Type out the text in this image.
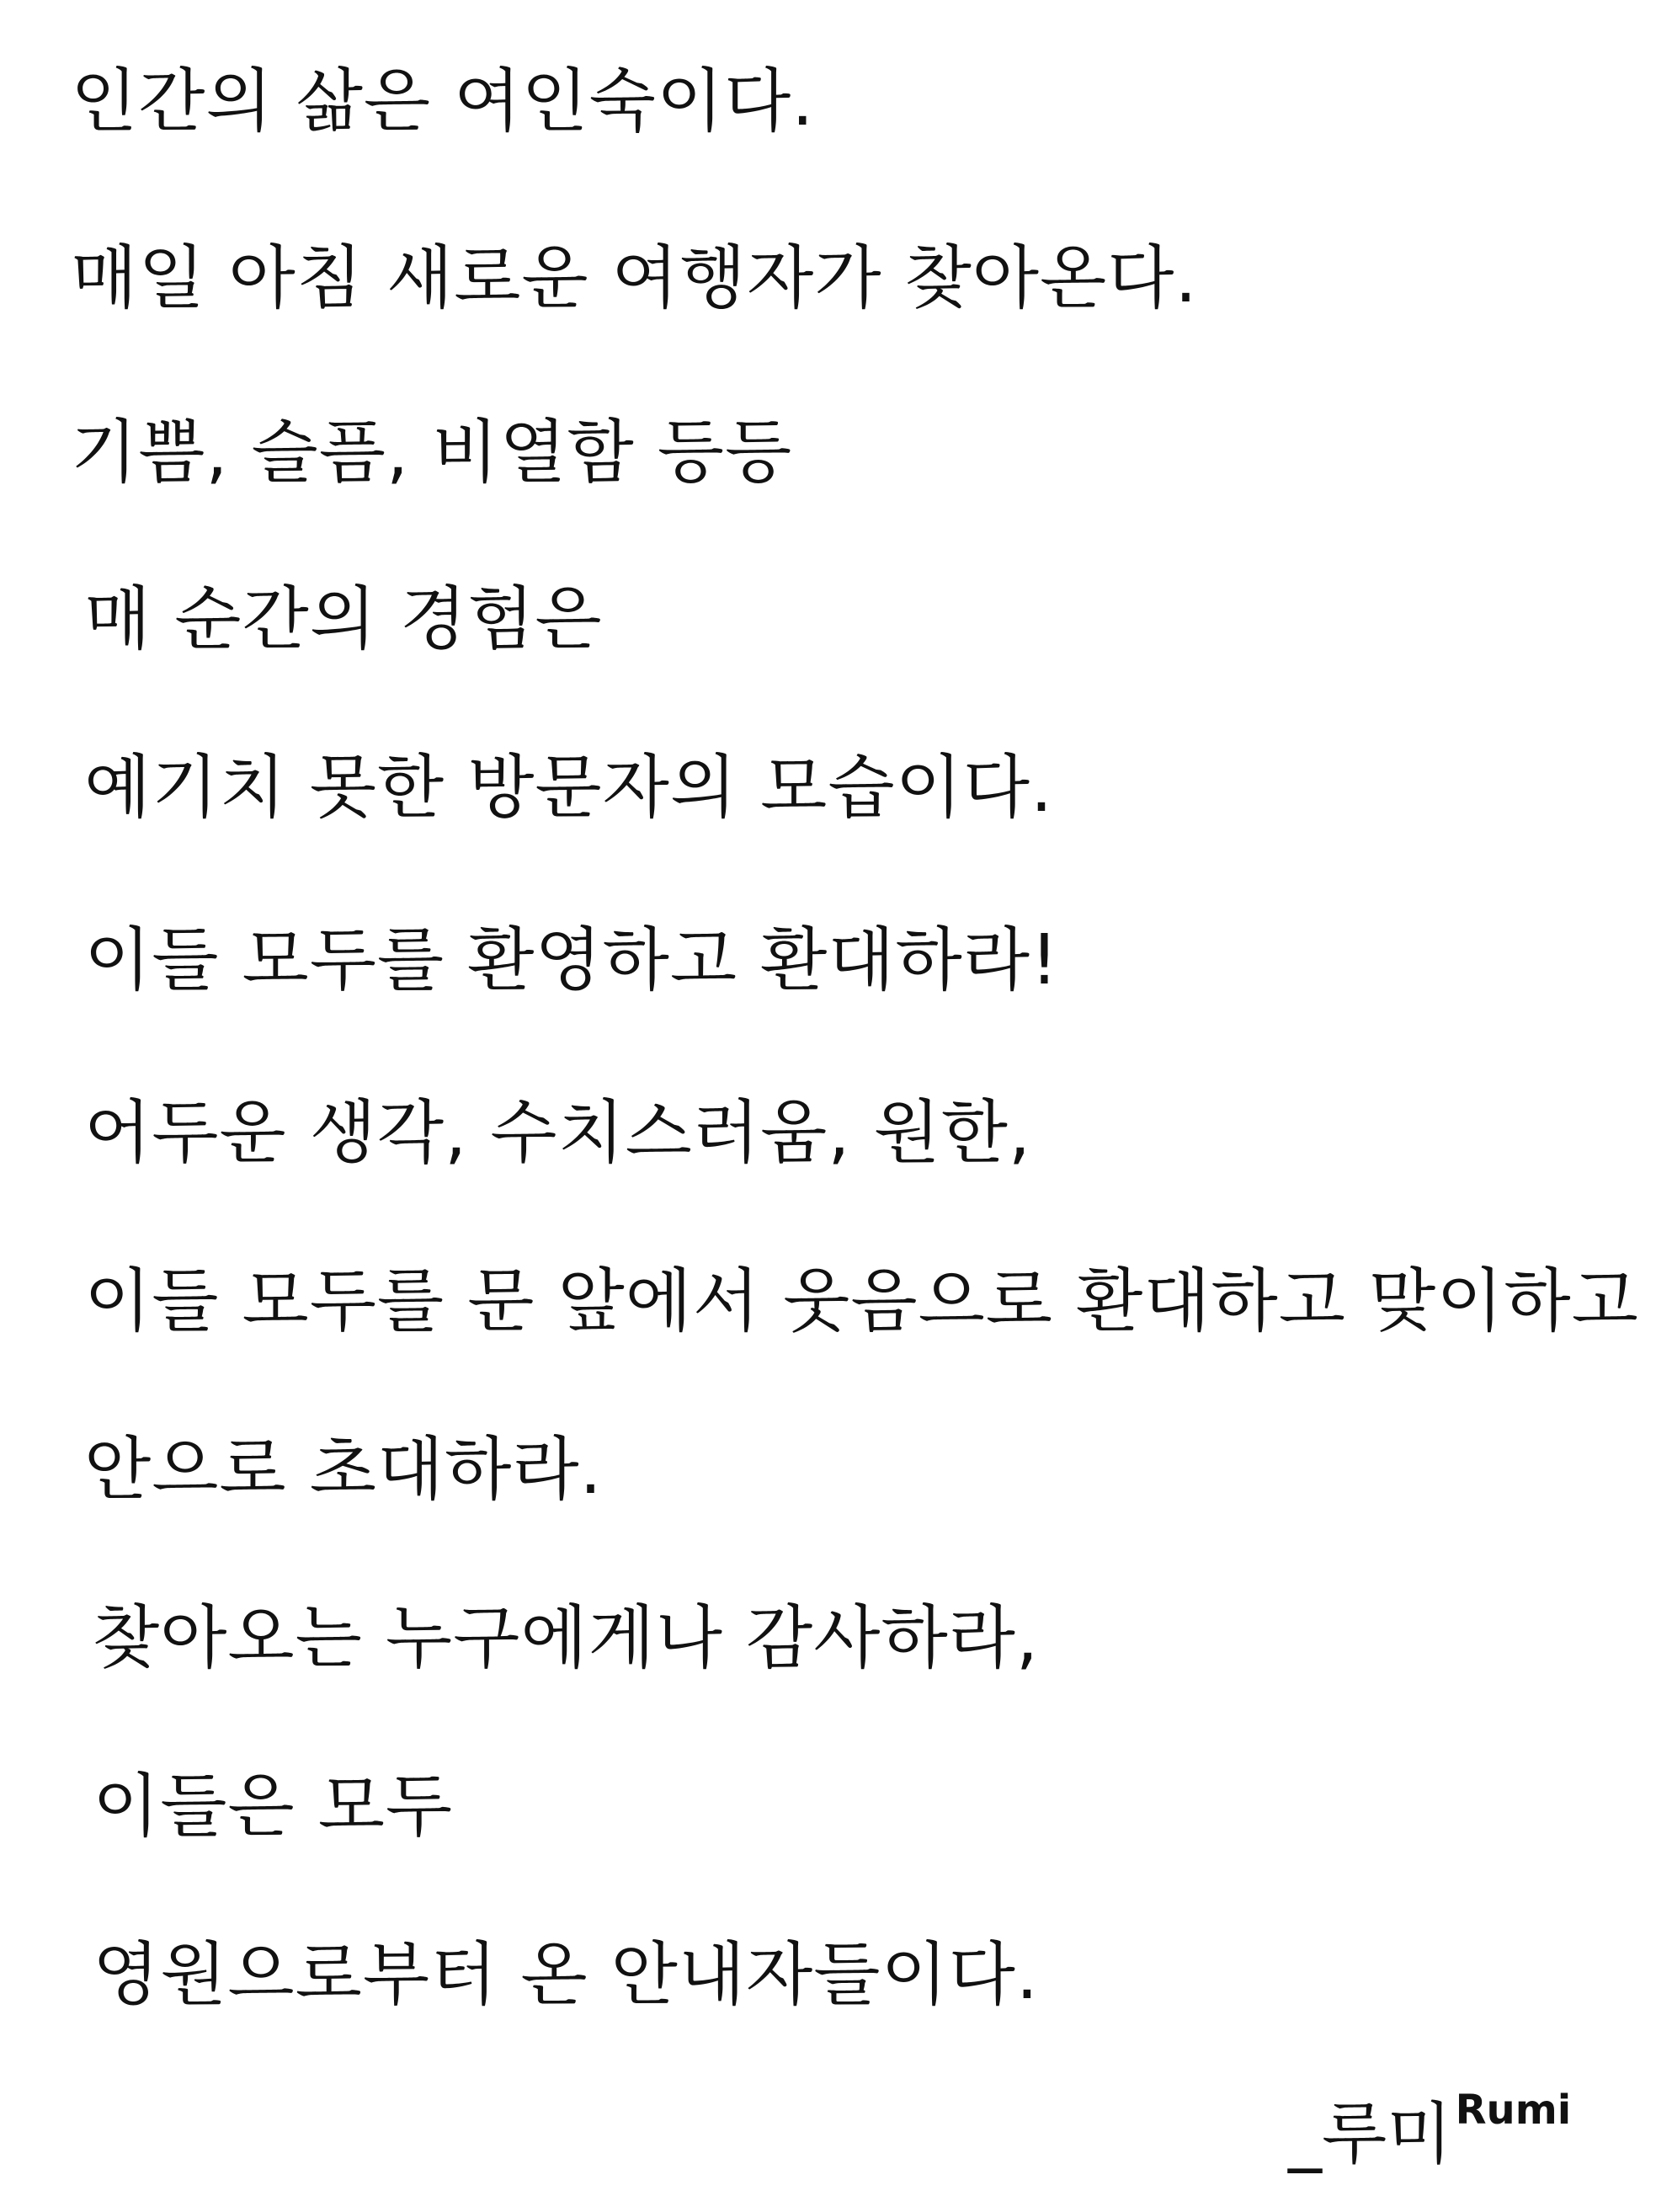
인간의 삶은 여인숙이다.
매일 아침 새로운 여행자가 찾아온다.
기쁨, 슬픔, 비열함 등등
매 순간의 경험은
예기치 못한 방문자의 모습이다.
이들 모두를 환영하고 환대하라!
어두운 생각, 수치스러움, 원한,
이들 모두를 문 앞에서 웃음으로 환대하고 맞이하고
안으로 초대하라.
찾아오는 누구에게나 감사하라,
이들은 모두
영원으로부터 온 안내자들이다.
_루미Rumi
